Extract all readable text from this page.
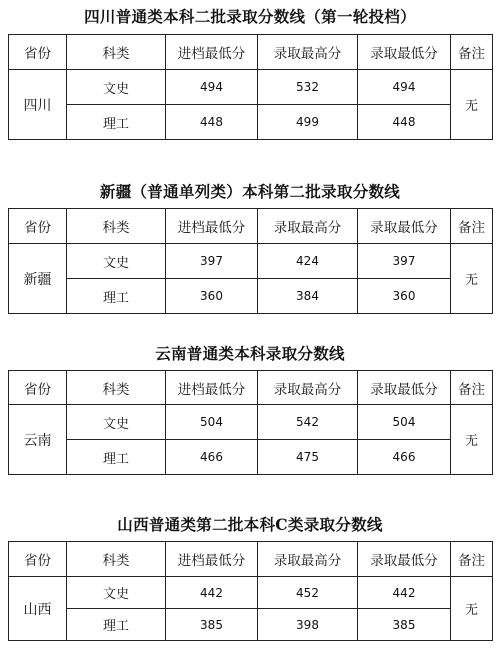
四川普通类本科二批录取分数线（第一轮投档）
省份	科类	进档最低分	录取最高分	录取最低分	备注
四川	文史	494	532	494	无
	理工	448	499	448	
新疆（普通单列类）本科第二批录取分数线
省份	科类	进档最低分	录取最高分	录取最低分	备注
新疆	文史	397	424	397	无
	理工	360	384	360	
云南普通类本科录取分数线
省份	科类	进档最低分	录取最高分	录取最低分	备注
云南	文史	504	542	504	无
	理工	466	475	466	
山西普通类第二批本科C类录取分数线
省份	科类	进档最低分	录取最高分	录取最低分	备注
山西	文史	442	452	442	无
	理工	385	398	385	
